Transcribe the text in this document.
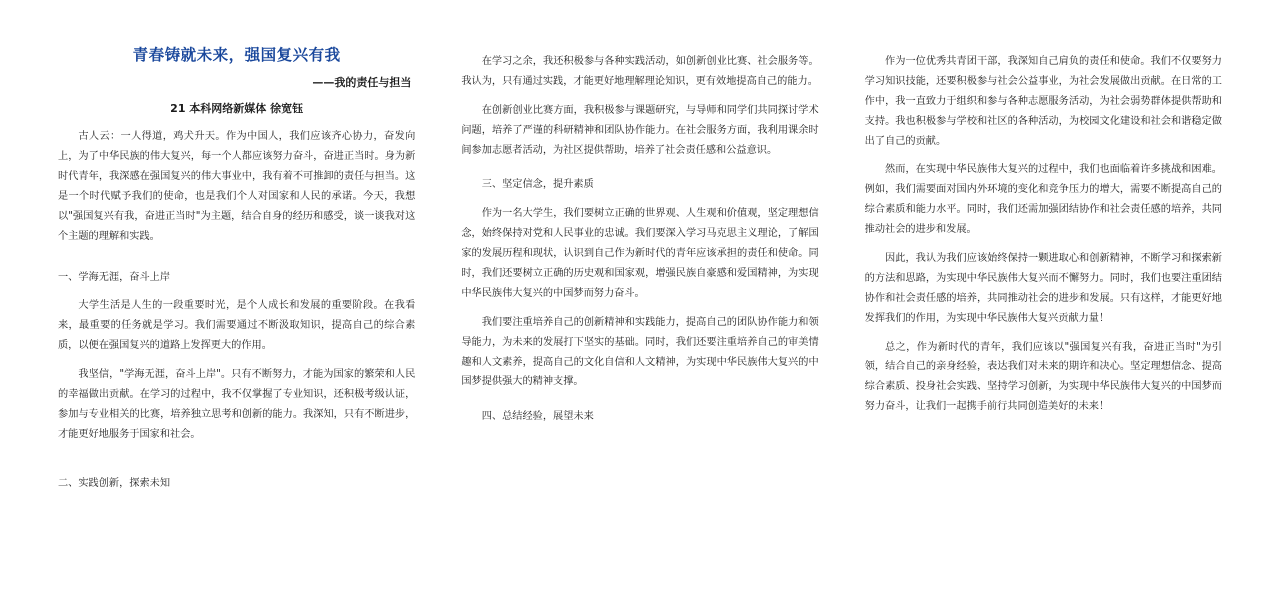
青春铸就未来，强国复兴有我
——我的责任与担当
21 本科网络新媒体 徐宽钰

古人云：一人得道，鸡犬升天。作为中国人，我们应该齐心协力，奋发向上，为了中华民族的伟大复兴，每一个人都应该努力奋斗，奋进正当时。身为新时代青年，我深感在强国复兴的伟大事业中，我有着不可推卸的责任与担当。这是一个时代赋予我们的使命，也是我们个人对国家和人民的承诺。今天，我想以"强国复兴有我，奋进正当时"为主题，结合自身的经历和感受，谈一谈我对这个主题的理解和实践。

一、学海无涯，奋斗上岸

大学生活是人生的一段重要时光，是个人成长和发展的重要阶段。在我看来，最重要的任务就是学习。我们需要通过不断汲取知识，提高自己的综合素质，以便在强国复兴的道路上发挥更大的作用。

我坚信，"学海无涯，奋斗上岸"。只有不断努力，才能为国家的繁荣和人民的幸福做出贡献。在学习的过程中，我不仅掌握了专业知识，还积极考级认证，参加与专业相关的比赛，培养独立思考和创新的能力。我深知，只有不断进步，才能更好地服务于国家和社会。

二、实践创新，探索未知

在学习之余，我还积极参与各种实践活动，如创新创业比赛、社会服务等。我认为，只有通过实践，才能更好地理解理论知识，更有效地提高自己的能力。

在创新创业比赛方面，我积极参与课题研究，与导师和同学们共同探讨学术问题，培养了严谨的科研精神和团队协作能力。在社会服务方面，我利用课余时间参加志愿者活动，为社区提供帮助，培养了社会责任感和公益意识。

三、坚定信念，提升素质

作为一名大学生，我们要树立正确的世界观、人生观和价值观，坚定理想信念，始终保持对党和人民事业的忠诚。我们要深入学习马克思主义理论，了解国家的发展历程和现状，认识到自己作为新时代的青年应该承担的责任和使命。同时，我们还要树立正确的历史观和国家观，增强民族自豪感和爱国精神，为实现中华民族伟大复兴的中国梦而努力奋斗。

我们要注重培养自己的创新精神和实践能力，提高自己的团队协作能力和领导能力，为未来的发展打下坚实的基础。同时，我们还要注重培养自己的审美情趣和人文素养，提高自己的文化自信和人文精神，为实现中华民族伟大复兴的中国梦提供强大的精神支撑。

四、总结经验，展望未来

作为一位优秀共青团干部，我深知自己肩负的责任和使命。我们不仅要努力学习知识技能，还要积极参与社会公益事业，为社会发展做出贡献。在日常的工作中，我一直致力于组织和参与各种志愿服务活动，为社会弱势群体提供帮助和支持。我也积极参与学校和社区的各种活动，为校园文化建设和社会和谐稳定做出了自己的贡献。

然而，在实现中华民族伟大复兴的过程中，我们也面临着许多挑战和困难。例如，我们需要面对国内外环境的变化和竞争压力的增大，需要不断提高自己的综合素质和能力水平。同时，我们还需加强团结协作和社会责任感的培养，共同推动社会的进步和发展。

因此，我认为我们应该始终保持一颗进取心和创新精神，不断学习和探索新的方法和思路，为实现中华民族伟大复兴而不懈努力。同时，我们也要注重团结协作和社会责任感的培养，共同推动社会的进步和发展。只有这样，才能更好地发挥我们的作用，为实现中华民族伟大复兴贡献力量！

总之，作为新时代的青年，我们应该以"强国复兴有我，奋进正当时"为引领，结合自己的亲身经验，表达我们对未来的期许和决心。坚定理想信念、提高综合素质、投身社会实践、坚持学习创新，为实现中华民族伟大复兴的中国梦而努力奋斗，让我们一起携手前行共同创造美好的未来！
